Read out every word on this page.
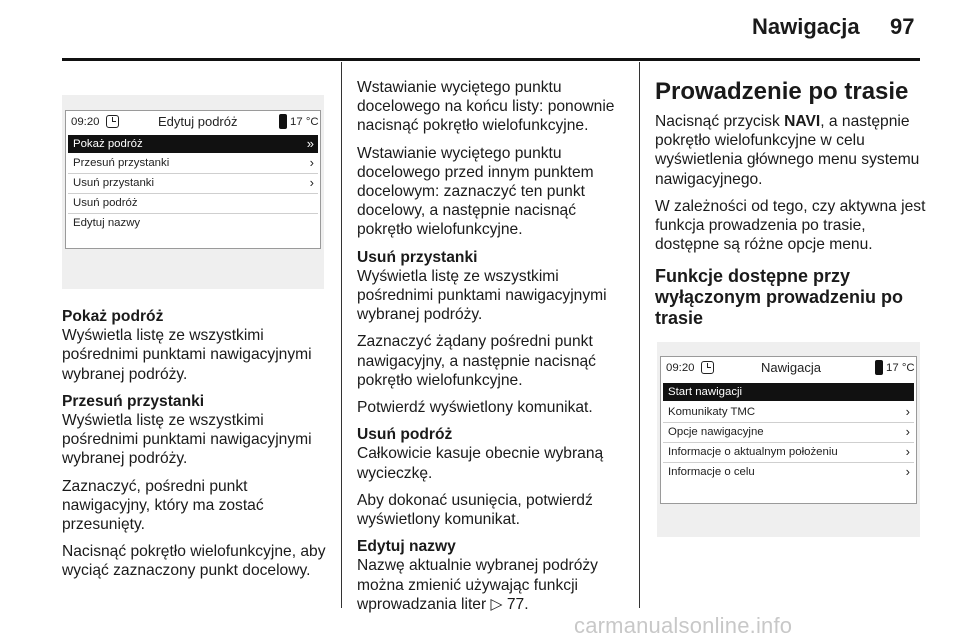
Nawigacja 97
09:20	Edytuj podróż	17 °C
Pokaż podróż	»
Przesuń przystanki	›
Usuń przystanki	›
Usuń podróż
Edytuj nazwy
Pokaż podróż

Wyświetla listę ze wszystkimi pośrednimi punktami nawigacyjnymi wybranej podróży.

Przesuń przystanki

Wyświetla listę ze wszystkimi pośrednimi punktami nawigacyjnymi wybranej podróży.

Zaznaczyć, pośredni punkt nawigacyjny, który ma zostać przesunięty.

Nacisnąć pokrętło wielofunkcyjne, aby wyciąć zaznaczony punkt docelowy.

Wstawianie wyciętego punktu docelowego na końcu listy: ponownie nacisnąć pokrętło wielofunkcyjne.

Wstawianie wyciętego punktu docelowego przed innym punktem docelowym: zaznaczyć ten punkt docelowy, a następnie nacisnąć pokrętło wielofunkcyjne.

Usuń przystanki

Wyświetla listę ze wszystkimi pośrednimi punktami nawigacyjnymi wybranej podróży.

Zaznaczyć żądany pośredni punkt nawigacyjny, a następnie nacisnąć pokrętło wielofunkcyjne.

Potwierdź wyświetlony komunikat.

Usuń podróż

Całkowicie kasuje obecnie wybraną wycieczkę.

Aby dokonać usunięcia, potwierdź wyświetlony komunikat.

Edytuj nazwy

Nazwę aktualnie wybranej podróży można zmienić używając funkcji wprowadzania liter ▷ 77.

Prowadzenie po trasie

Nacisnąć przycisk NAVI, a następnie pokrętło wielofunkcyjne w celu wyświetlenia głównego menu systemu nawigacyjnego.

W zależności od tego, czy aktywna jest funkcja prowadzenia po trasie, dostępne są różne opcje menu.

Funkcje dostępne przy wyłączonym prowadzeniu po trasie
09:20	Nawigacja	17 °C
Start nawigacji
Komunikaty TMC	›
Opcje nawigacyjne	›
Informacje o aktualnym położeniu	›
Informacje o celu	›
carmanualsonline.info
